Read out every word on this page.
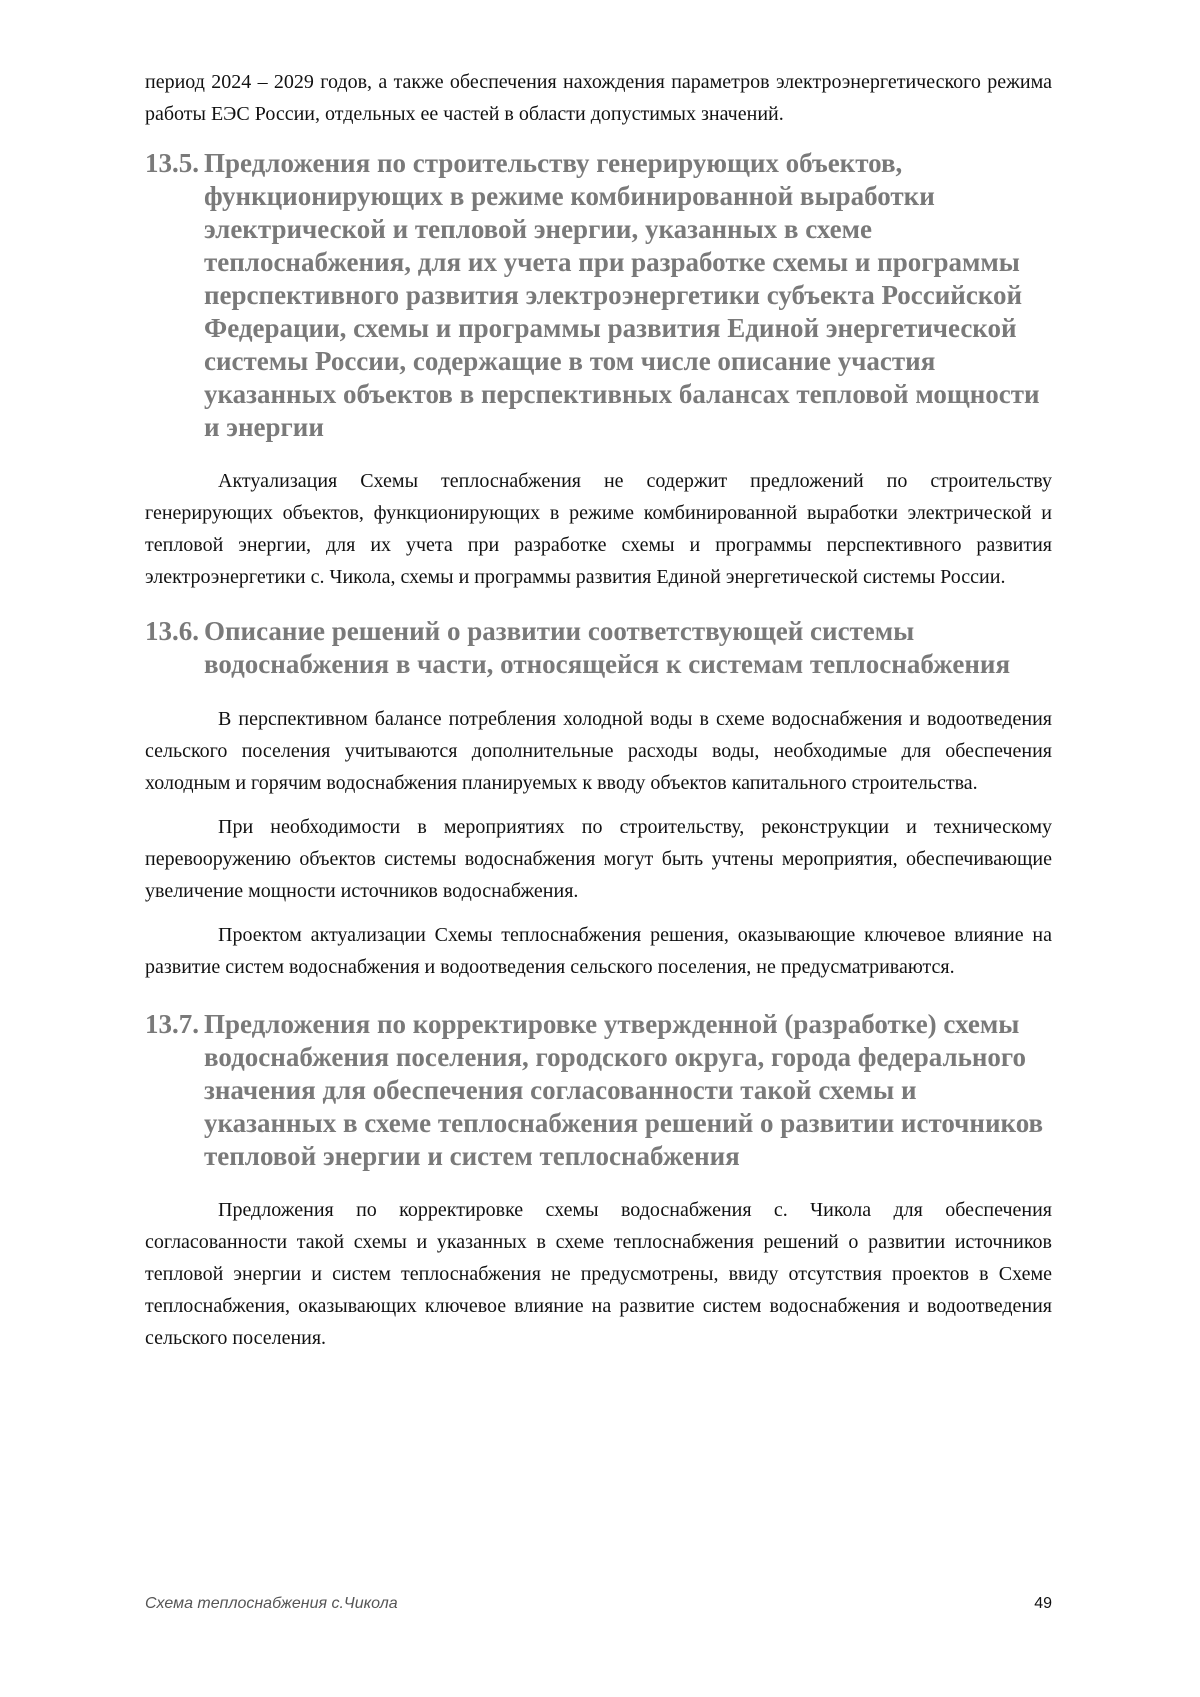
период 2024 – 2029 годов, а также обеспечения нахождения параметров электроэнергетического режима работы ЕЭС России, отдельных ее частей в области допустимых значений.

13.5. Предложения по строительству генерирующих объектов, функционирующих в режиме комбинированной выработки электрической и тепловой энергии, указанных в схеме теплоснабжения, для их учета при разработке схемы и программы перспективного развития электроэнергетики субъекта Российской Федерации, схемы и программы развития Единой энергетической системы России, содержащие в том числе описание участия указанных объектов в перспективных балансах тепловой мощности и энергии

Актуализация Схемы теплоснабжения не содержит предложений по строительству генерирующих объектов, функционирующих в режиме комбинированной выработки электрической и тепловой энергии, для их учета при разработке схемы и программы перспективного развития электроэнергетики с. Чикола, схемы и программы развития Единой энергетической системы России.

13.6. Описание решений о развитии соответствующей системы водоснабжения в части, относящейся к системам теплоснабжения

В перспективном балансе потребления холодной воды в схеме водоснабжения и водоотведения сельского поселения учитываются дополнительные расходы воды, необходимые для обеспечения холодным и горячим водоснабжения планируемых к вводу объектов капитального строительства.

При необходимости в мероприятиях по строительству, реконструкции и техническому перевооружению объектов системы водоснабжения могут быть учтены мероприятия, обеспечивающие увеличение мощности источников водоснабжения.

Проектом актуализации Схемы теплоснабжения решения, оказывающие ключевое влияние на развитие систем водоснабжения и водоотведения сельского поселения, не предусматриваются.

13.7. Предложения по корректировке утвержденной (разработке) схемы водоснабжения поселения, городского округа, города федерального значения для обеспечения согласованности такой схемы и указанных в схеме теплоснабжения решений о развитии источников тепловой энергии и систем теплоснабжения

Предложения по корректировке схемы водоснабжения с. Чикола для обеспечения согласованности такой схемы и указанных в схеме теплоснабжения решений о развитии источников тепловой энергии и систем теплоснабжения не предусмотрены, ввиду отсутствия проектов в Схеме теплоснабжения, оказывающих ключевое влияние на развитие систем водоснабжения и водоотведения сельского поселения.

Схема теплоснабжения с.Чикола	49
